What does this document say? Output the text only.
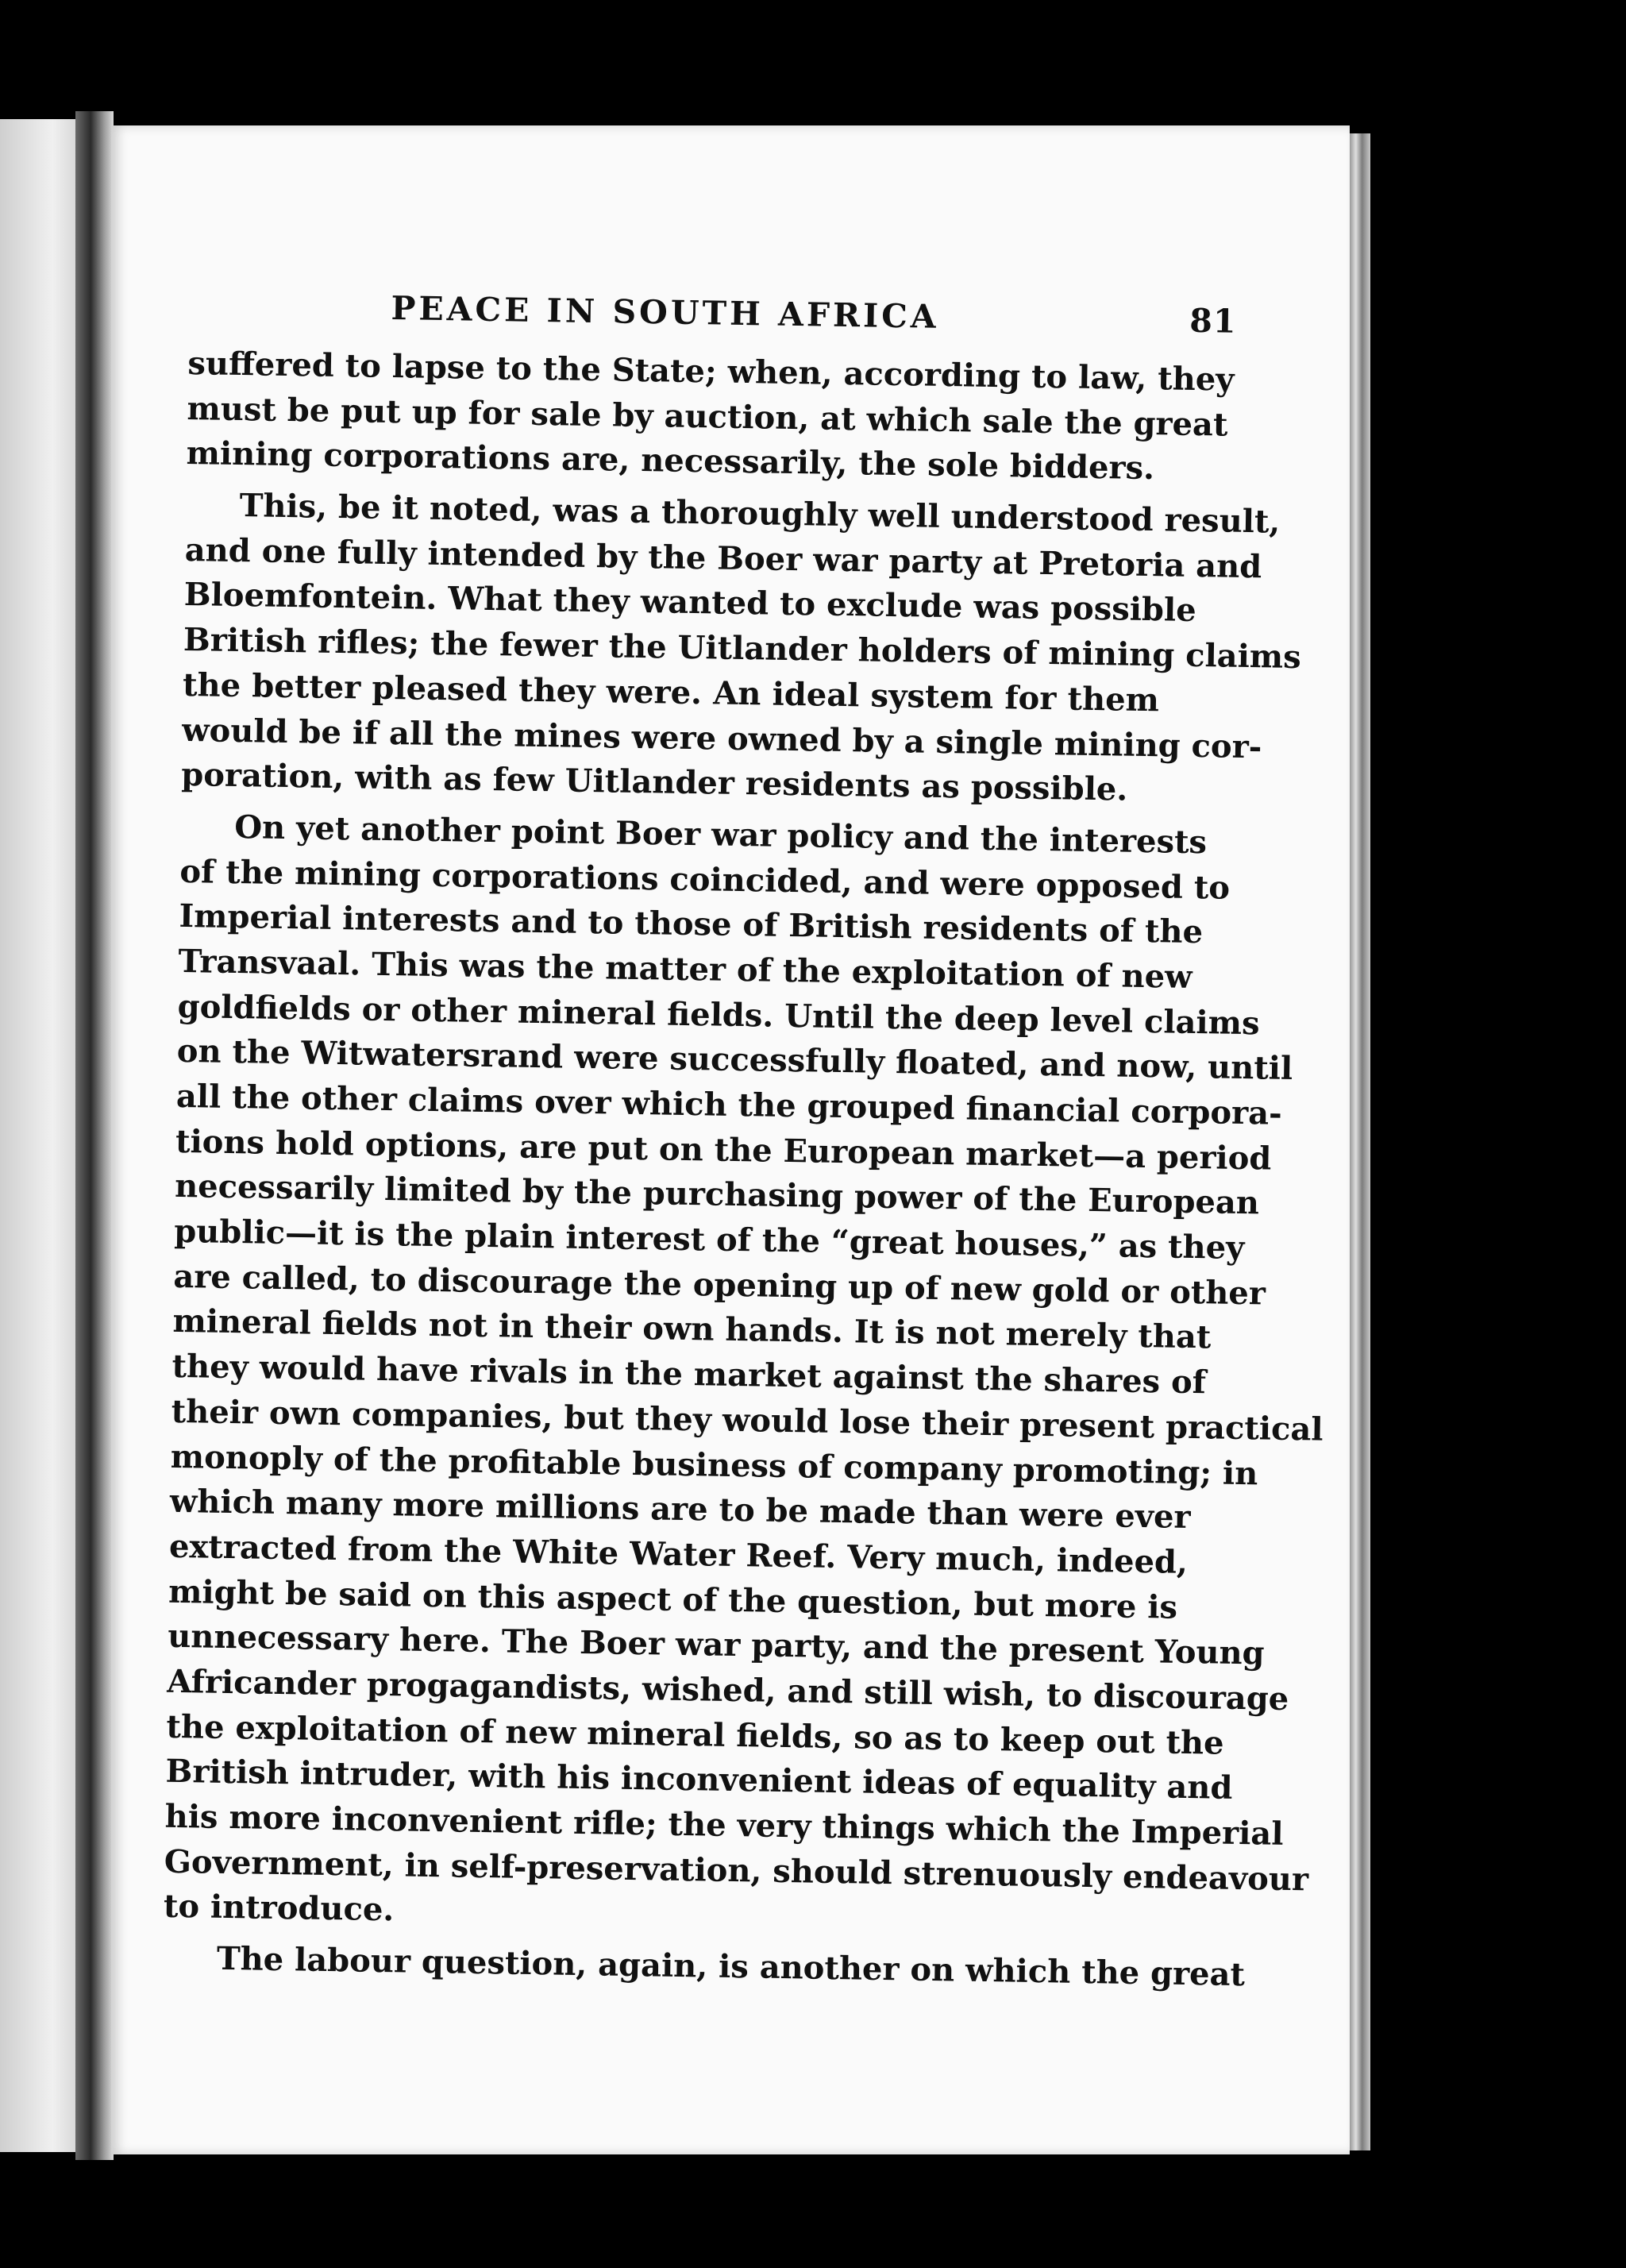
PEACE IN SOUTH AFRICA	81
suffered to lapse to the State; when, according to law, they
must be put up for sale by auction, at which sale the great
mining corporations are, necessarily, the sole bidders.
This, be it noted, was a thoroughly well understood result,
and one fully intended by the Boer war party at Pretoria and
Bloemfontein. What they wanted to exclude was possible
British rifles; the fewer the Uitlander holders of mining claims
the better pleased they were. An ideal system for them
would be if all the mines were owned by a single mining cor-
poration, with as few Uitlander residents as possible.
On yet another point Boer war policy and the interests
of the mining corporations coincided, and were opposed to
Imperial interests and to those of British residents of the
Transvaal. This was the matter of the exploitation of new
goldfields or other mineral fields. Until the deep level claims
on the Witwatersrand were successfully floated, and now, until
all the other claims over which the grouped financial corpora-
tions hold options, are put on the European market—a period
necessarily limited by the purchasing power of the European
public—it is the plain interest of the “great houses,” as they
are called, to discourage the opening up of new gold or other
mineral fields not in their own hands. It is not merely that
they would have rivals in the market against the shares of
their own companies, but they would lose their present practical
monoply of the profitable business of company promoting; in
which many more millions are to be made than were ever
extracted from the White Water Reef. Very much, indeed,
might be said on this aspect of the question, but more is
unnecessary here. The Boer war party, and the present Young
Africander progagandists, wished, and still wish, to discourage
the exploitation of new mineral fields, so as to keep out the
British intruder, with his inconvenient ideas of equality and
his more inconvenient rifle; the very things which the Imperial
Government, in self-preservation, should strenuously endeavour
to introduce.
The labour question, again, is another on which the great
